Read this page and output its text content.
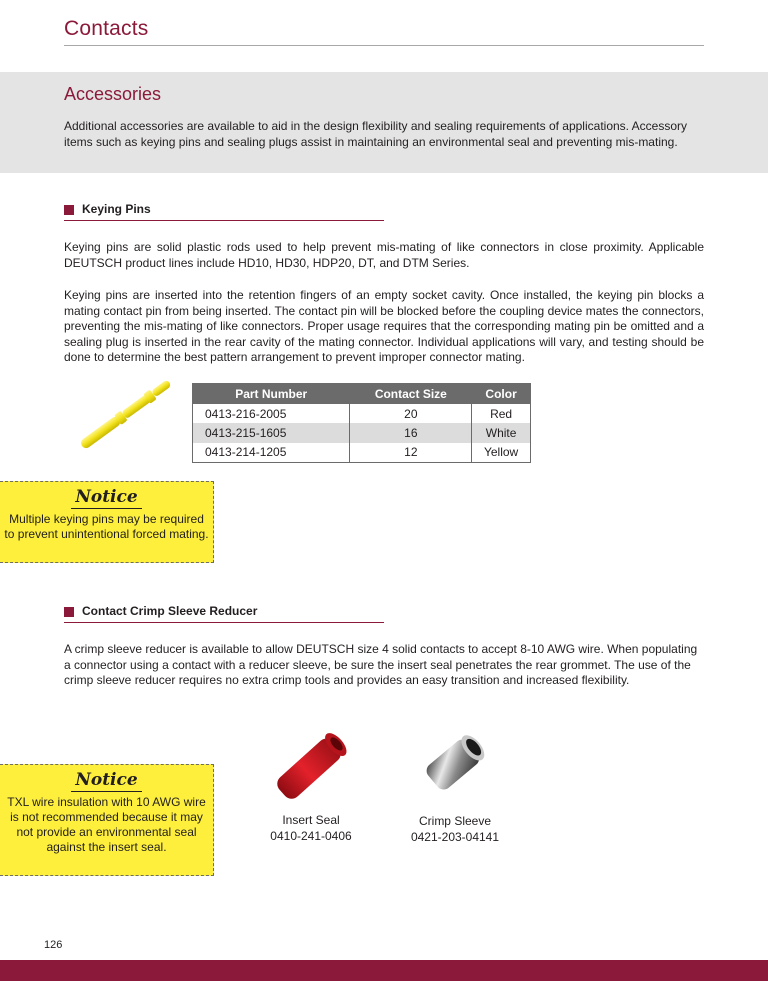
Contacts
Accessories
Additional accessories are available to aid in the design flexibility and sealing requirements of applications. Accessory items such as keying pins and sealing plugs assist in maintaining an environmental seal and preventing mis-mating.
Keying Pins
Keying pins are solid plastic rods used to help prevent mis-mating of like connectors in close proximity. Applicable DEUTSCH product lines include HD10, HD30, HDP20, DT, and DTM Series.
Keying pins are inserted into the retention fingers of an empty socket cavity. Once installed, the keying pin blocks a mating contact pin from being inserted. The contact pin will be blocked before the coupling device mates the connectors, preventing the mis-mating of like connectors. Proper usage requires that the corresponding mating pin be omitted and a sealing plug is inserted in the rear cavity of the mating connector. Individual applications will vary, and testing should be done to determine the best pattern arrangement to prevent improper connector mating.
Part Number	Contact Size	Color
0413-216-2005	20	Red
0413-215-1605	16	White
0413-214-1205	12	Yellow
Notice
Multiple keying pins may be required to prevent unintentional forced mating.
Contact Crimp Sleeve Reducer
A crimp sleeve reducer is available to allow DEUTSCH size 4 solid contacts to accept 8-10 AWG wire. When populating a connector using a contact with a reducer sleeve, be sure the insert seal penetrates the rear grommet. The use of the crimp sleeve reducer requires no extra crimp tools and provides an easy transition and increased flexibility.
Notice
TXL wire insulation with 10 AWG wire is not recommended because it may not provide an environmental seal against the insert seal.
Insert Seal
0410-241-0406
Crimp Sleeve
0421-203-04141
126
